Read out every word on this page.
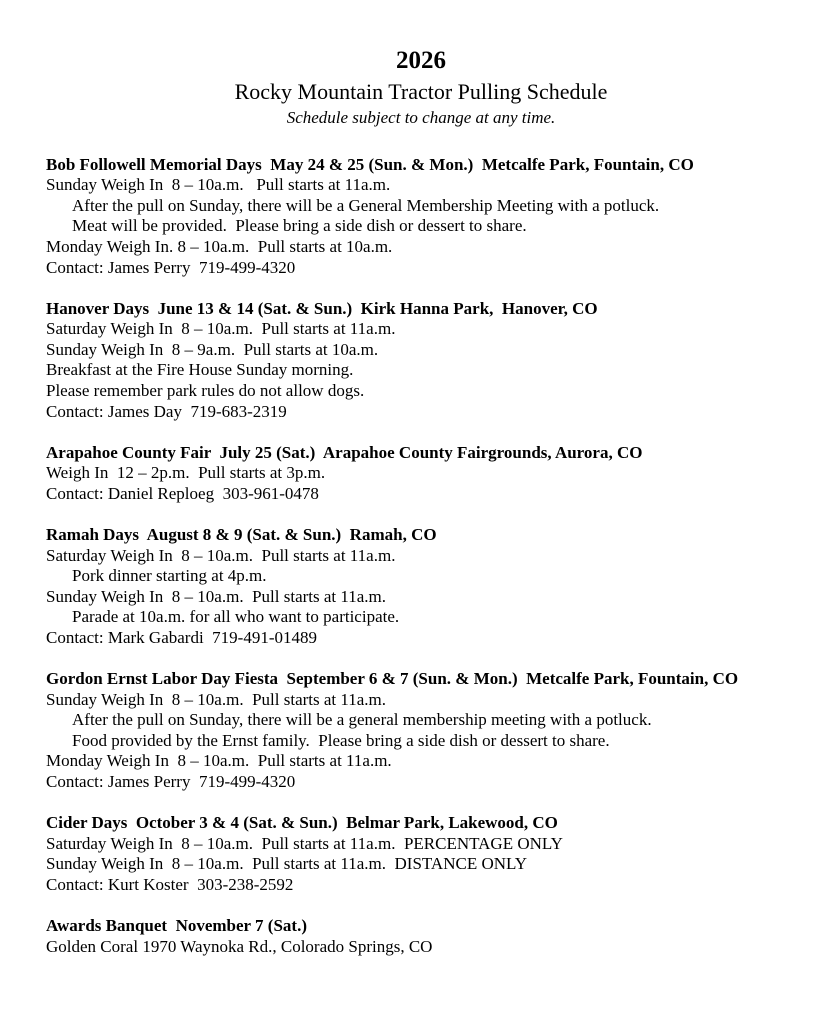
2026
Rocky Mountain Tractor Pulling Schedule
Schedule subject to change at any time.
Bob Followell Memorial Days  May 24 & 25 (Sun. & Mon.)  Metcalfe Park, Fountain, CO

Sunday Weigh In  8 – 10a.m.   Pull starts at 11a.m.

After the pull on Sunday, there will be a General Membership Meeting with a potluck.

Meat will be provided.  Please bring a side dish or dessert to share.

Monday Weigh In. 8 – 10a.m.  Pull starts at 10a.m.

Contact: James Perry  719-499-4320

Hanover Days  June 13 & 14 (Sat. & Sun.)  Kirk Hanna Park,  Hanover, CO

Saturday Weigh In  8 – 10a.m.  Pull starts at 11a.m.

Sunday Weigh In  8 – 9a.m.  Pull starts at 10a.m.

Breakfast at the Fire House Sunday morning.

Please remember park rules do not allow dogs.

Contact: James Day  719-683-2319

Arapahoe County Fair  July 25 (Sat.)  Arapahoe County Fairgrounds, Aurora, CO

Weigh In  12 – 2p.m.  Pull starts at 3p.m.

Contact: Daniel Reploeg  303-961-0478

Ramah Days  August 8 & 9 (Sat. & Sun.)  Ramah, CO

Saturday Weigh In  8 – 10a.m.  Pull starts at 11a.m.

Pork dinner starting at 4p.m.

Sunday Weigh In  8 – 10a.m.  Pull starts at 11a.m.

Parade at 10a.m. for all who want to participate.

Contact: Mark Gabardi  719-491-01489

Gordon Ernst Labor Day Fiesta  September 6 & 7 (Sun. & Mon.)  Metcalfe Park, Fountain, CO

Sunday Weigh In  8 – 10a.m.  Pull starts at 11a.m.

After the pull on Sunday, there will be a general membership meeting with a potluck.

Food provided by the Ernst family.  Please bring a side dish or dessert to share.

Monday Weigh In  8 – 10a.m.  Pull starts at 11a.m.

Contact: James Perry  719-499-4320

Cider Days  October 3 & 4 (Sat. & Sun.)  Belmar Park, Lakewood, CO

Saturday Weigh In  8 – 10a.m.  Pull starts at 11a.m.  PERCENTAGE ONLY

Sunday Weigh In  8 – 10a.m.  Pull starts at 11a.m.  DISTANCE ONLY

Contact: Kurt Koster  303-238-2592

Awards Banquet  November 7 (Sat.)

Golden Coral 1970 Waynoka Rd., Colorado Springs, CO
